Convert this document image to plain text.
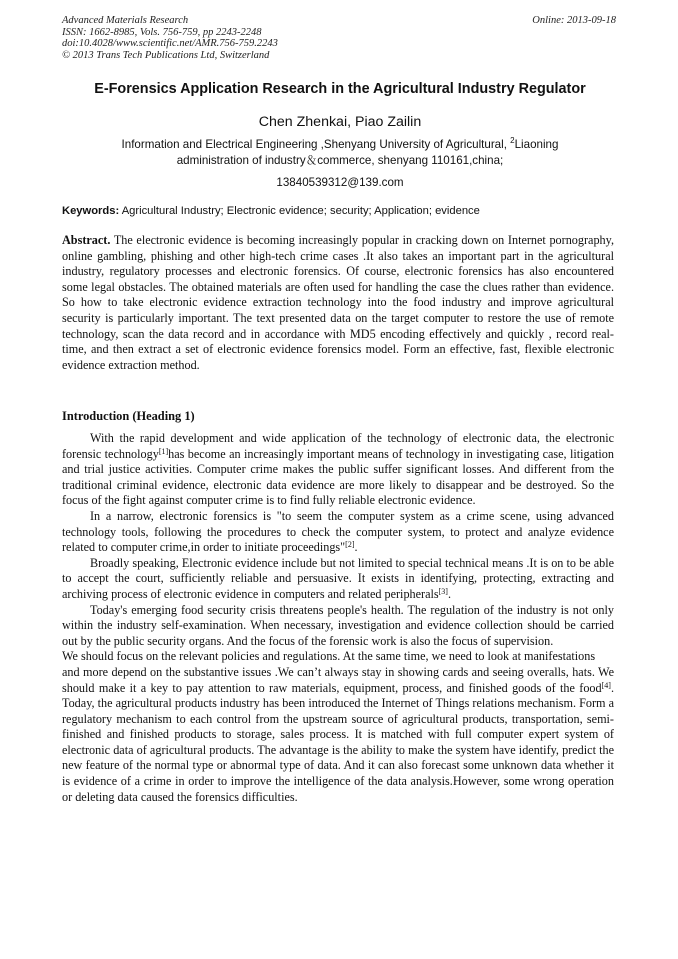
Advanced Materials Research
ISSN: 1662-8985, Vols. 756-759, pp 2243-2248
doi:10.4028/www.scientific.net/AMR.756-759.2243
© 2013 Trans Tech Publications Ltd, Switzerland
Online: 2013-09-18
E-Forensics Application Research in the Agricultural Industry Regulator

Chen Zhenkai, Piao Zailin

Information and Electrical Engineering ,Shenyang University of Agricultural, $^2$Liaoning administration of industry＆commerce, shenyang 110161,china;

13840539312@139.com

Keywords: Agricultural Industry; Electronic evidence; security; Application; evidence

Abstract. The electronic evidence is becoming increasingly popular in cracking down on Internet pornography, online gambling, phishing and other high-tech crime cases .It also takes an important part in the agricultural industry, regulatory processes and electronic forensics. Of course, electronic forensics has also encountered some legal obstacles. The obtained materials are often used for handling the case the clues rather than evidence. So how to take electronic evidence extraction technology into the food industry and improve agricultural security is particularly important. The text presented data on the target computer to restore the use of remote technology, scan the data record and in accordance with MD5 encoding effectively and quickly , record real-time, and then extract a set of electronic evidence forensics model. Form an effective, fast, flexible electronic evidence extraction method.

Introduction (Heading 1)

With the rapid development and wide application of the technology of electronic data, the electronic forensic technology[1]has become an increasingly important means of technology in investigating case, litigation and trial justice activities. Computer crime makes the public suffer significant losses. And different from the traditional criminal evidence, electronic data evidence are more likely to disappear and be destroyed. So the focus of the fight against computer crime is to find fully reliable electronic evidence.

In a narrow, electronic forensics is "to seem the computer system as a crime scene, using advanced technology tools, following the procedures to check the computer system, to protect and analyze evidence related to computer crime,in order to initiate proceedings"[2].

Broadly speaking, Electronic evidence include but not limited to special technical means .It is on to be able to accept the court, sufficiently reliable and persuasive. It exists in identifying, protecting, extracting and archiving process of electronic evidence in computers and related peripherals[3].

Today's emerging food security crisis threatens people's health. The regulation of the industry is not only within the industry self-examination. When necessary, investigation and evidence collection should be carried out by the public security organs. And the focus of the forensic work is also the focus of supervision.

We should focus on the relevant policies and regulations. At the same time, we need to look at manifestations

and more depend on the substantive issues .We can’t always stay in showing cards and seeing overalls, hats. We should make it a key to pay attention to raw materials, equipment, process, and finished goods of the food[4]. Today, the agricultural products industry has been introduced the Internet of Things relations mechanism. Form a regulatory mechanism to each control from the upstream source of agricultural products, transportation, semi-finished and finished products to storage, sales process. It is matched with full computer expert system of electronic data of agricultural products. The advantage is the ability to make the system have identify, predict the new feature of the normal type or abnormal type of data. And it can also forecast some unknown data whether it is evidence of a crime in order to improve the intelligence of the data analysis.However, some wrong operation or deleting data caused the forensics difficulties.
